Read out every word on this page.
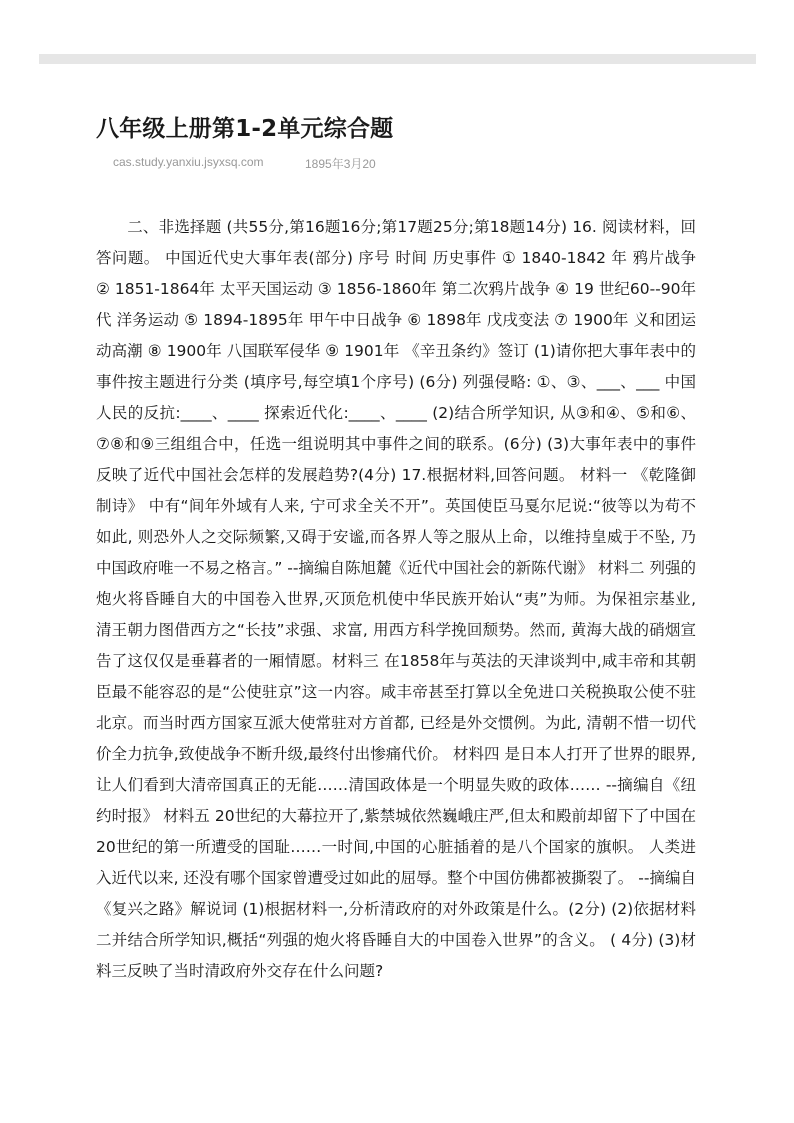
八年级上册第1-2单元综合题
cas.study.yanxiu.jsyxsq.com	1895年3月20

二、非选择题 (共55分,第16题16分;第17题25分;第18题14分) 16. 阅读材料，回答问题。 中国近代史大事年表(部分) 序号 时间 历史事件 ① 1840-1842 年 鸦片战争 ② 1851-1864年 太平天国运动 ③ 1856-1860年 第二次鸦片战争 ④ 19 世纪60--90年代 洋务运动 ⑤ 1894-1895年 甲午中日战争 ⑥ 1898年 戊戌变法 ⑦ 1900年 义和团运动高潮 ⑧ 1900年 八国联军侵华 ⑨ 1901年 《辛丑条约》签订 (1)请你把大事年表中的事件按主题进行分类 (填序号,每空填1个序号) (6分) 列强侵略: ①、③、___、___ 中国人民的反抗:____、____ 探索近代化:____、____ (2)结合所学知识, 从③和④、⑤和⑥、⑦⑧和⑨三组组合中，任选一组说明其中事件之间的联系。(6分) (3)大事年表中的事件反映了近代中国社会怎样的发展趋势?(4分) 17.根据材料,回答问题。 材料一 《乾隆御制诗》 中有“间年外域有人来, 宁可求全关不开”。英国使臣马戛尔尼说:“彼等以为苟不如此, 则恐外人之交际频繁,又碍于安谧,而各界人等之服从上命，以维持皇威于不坠, 乃中国政府唯一不易之格言。” --摘编自陈旭麓《近代中国社会的新陈代谢》 材料二 列强的炮火将昏睡自大的中国卷入世界,灭顶危机使中华民族开始认“夷”为师。为保祖宗基业, 清王朝力图借西方之“长技”求强、求富, 用西方科学挽回颓势。然而, 黄海大战的硝烟宣告了这仅仅是垂暮者的一厢情愿。材料三 在1858年与英法的天津谈判中,咸丰帝和其朝臣最不能容忍的是“公使驻京”这一内容。咸丰帝甚至打算以全免进口关税换取公使不驻北京。而当时西方国家互派大使常驻对方首都, 已经是外交惯例。为此, 清朝不惜一切代价全力抗争,致使战争不断升级,最终付出惨痛代价。 材料四 是日本人打开了世界的眼界, 让人们看到大清帝国真正的无能……清国政体是一个明显失败的政体…… --摘编自《纽约时报》 材料五 20世纪的大幕拉开了,紫禁城依然巍峨庄严,但太和殿前却留下了中国在20世纪的第一所遭受的国耻……一时间,中国的心脏插着的是八个国家的旗帜。 人类进入近代以来, 还没有哪个国家曾遭受过如此的屈辱。整个中国仿佛都被撕裂了。 --摘编自《复兴之路》解说词 (1)根据材料一,分析清政府的对外政策是什么。(2分) (2)依据材料二并结合所学知识,概括“列强的炮火将昏睡自大的中国卷入世界”的含义。 ( 4分) (3)材料三反映了当时清政府外交存在什么问题?
